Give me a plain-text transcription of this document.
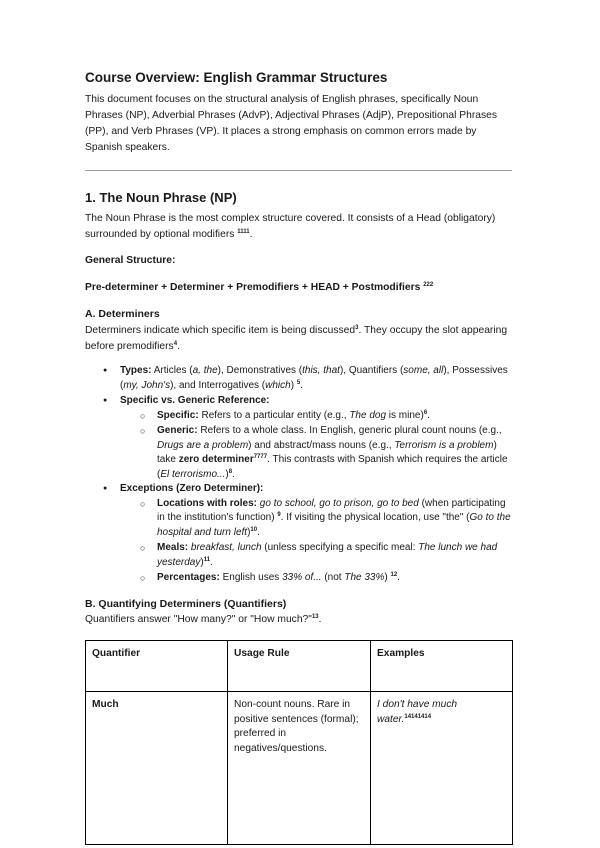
Course Overview: English Grammar Structures

This document focuses on the structural analysis of English phrases, specifically Noun Phrases (NP), Adverbial Phrases (AdvP), Adjectival Phrases (AdjP), Prepositional Phrases (PP), and Verb Phrases (VP). It places a strong emphasis on common errors made by Spanish speakers.

1. The Noun Phrase (NP)

The Noun Phrase is the most complex structure covered. It consists of a Head (obligatory) surrounded by optional modifiers $^{1111}$.

General Structure:

Pre-determiner + Determiner + Premodifiers + HEAD + Postmodifiers $^{222}$

A. Determiners

Determiners indicate which specific item is being discussed$^3$. They occupy the slot appearing before premodifiers$^4$.

● Types: Articles (a, the), Demonstratives (this, that), Quantifiers (some, all), Possessives (my, John's), and Interrogatives (which) $^5$.
● Specific vs. Generic Reference:
○ Specific: Refers to a particular entity (e.g., The dog is mine)$^6$.
○ Generic: Refers to a whole class. In English, generic plural count nouns (e.g., Drugs are a problem) and abstract/mass nouns (e.g., Terrorism is a problem) take zero determiner$^{7777}$. This contrasts with Spanish which requires the article (El terrorismo...)$^8$.
● Exceptions (Zero Determiner):
○ Locations with roles: go to school, go to prison, go to bed (when participating in the institution's function) $^9$. If visiting the physical location, use "the" (Go to the hospital and turn left)$^{10}$.
○ Meals: breakfast, lunch (unless specifying a specific meal: The lunch we had yesterday)$^{11}$.
○ Percentages: English uses 33% of... (not The 33%) $^{12}$.
B. Quantifying Determiners (Quantifiers)

Quantifiers answer "How many?" or "How much?"$^{13}$.

Quantifier	Usage Rule	Examples
Much	Non-count nouns. Rare in positive sentences (formal); preferred in negatives/questions.	I don't have much water.$^{14141414}$
